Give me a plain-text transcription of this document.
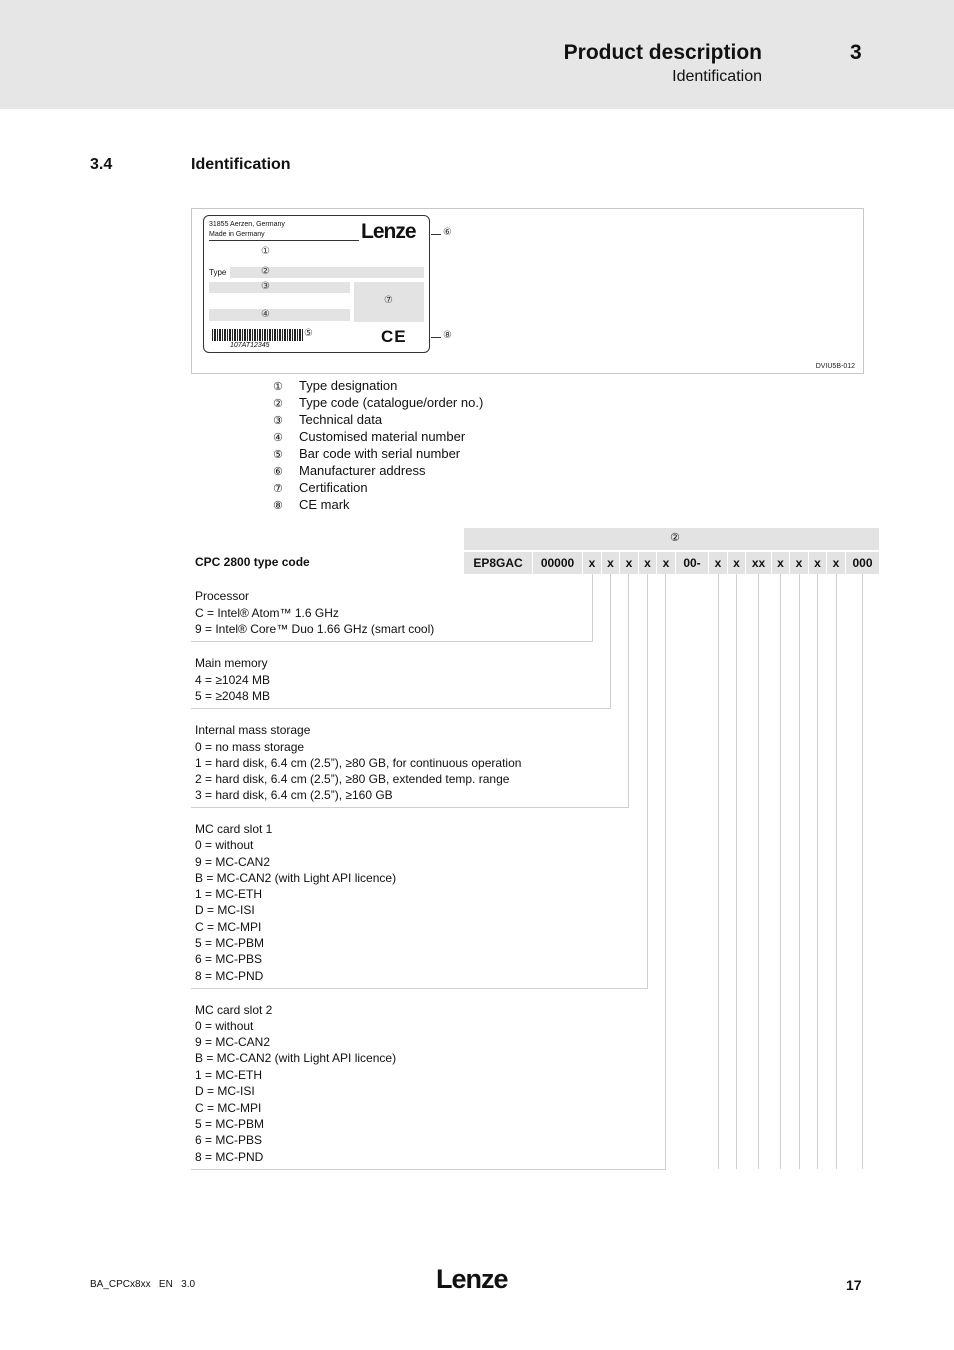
Product description
Identification
3
3.4	Identification
31855 Aerzen, Germany
Made in Germany	Lenze
①
Type	②
③
⑦
④
⑤
107AT12345	CE
⑥
⑧
DVIU5B-012
① Type designation
② Type code (catalogue/order no.)
③ Technical data
④ Customised material number
⑤ Bar code with serial number
⑥ Manufacturer address
⑦ Certification
⑧ CE mark
②
CPC 2800 type code	EP8GAC	00000	x x x x x	00-	x x xx x x x x	000
Processor
C = Intel® Atom™ 1.6 GHz
9 = Intel® Core™ Duo 1.66 GHz (smart cool)
Main memory
4 = ≥1024 MB
5 = ≥2048 MB
Internal mass storage
0 = no mass storage
1 = hard disk, 6.4 cm (2.5”), ≥80 GB, for continuous operation
2 = hard disk, 6.4 cm (2.5”), ≥80 GB, extended temp. range
3 = hard disk, 6.4 cm (2.5”), ≥160 GB
MC card slot 1
0 = without
9 = MC-CAN2
B = MC-CAN2 (with Light API licence)
1 = MC-ETH
D = MC-ISI
C = MC-MPI
5 = MC-PBM
6 = MC-PBS
8 = MC-PND
MC card slot 2
0 = without
9 = MC-CAN2
B = MC-CAN2 (with Light API licence)
1 = MC-ETH
D = MC-ISI
C = MC-MPI
5 = MC-PBM
6 = MC-PBS
8 = MC-PND
BA_CPCx8xx   EN   3.0	Lenze	17
